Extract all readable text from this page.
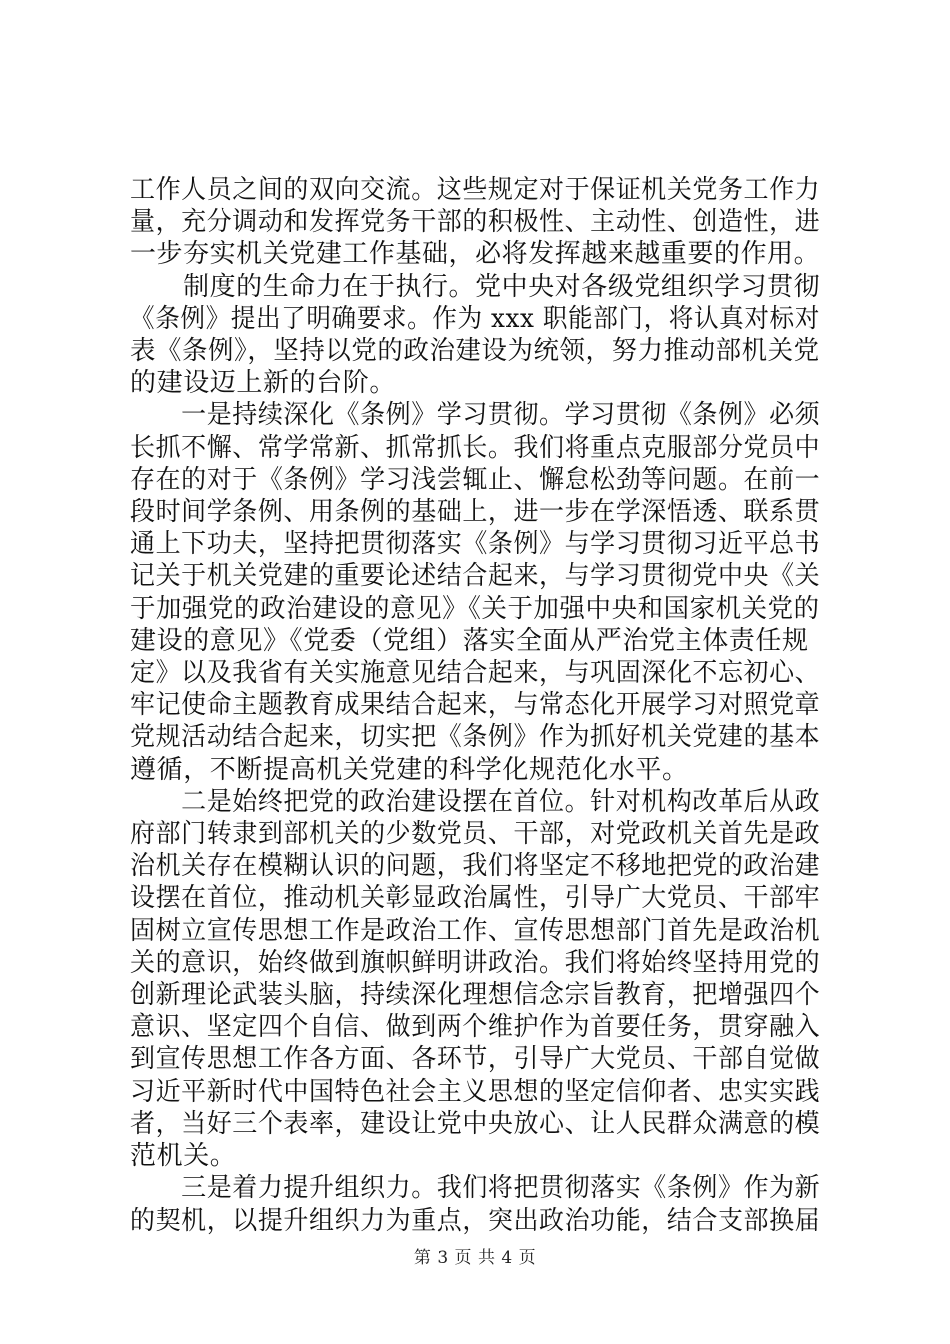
工作人员之间的双向交流。这些规定对于保证机关党务工作力
量，充分调动和发挥党务干部的积极性、主动性、创造性，进
一步夯实机关党建工作基础，必将发挥越来越重要的作用。
　　制度的生命力在于执行。党中央对各级党组织学习贯彻
《条例》提出了明确要求。作为 xxx 职能部门，将认真对标对
表《条例》，坚持以党的政治建设为统领，努力推动部机关党
的建设迈上新的台阶。
　　一是持续深化《条例》学习贯彻。学习贯彻《条例》必须
长抓不懈、常学常新、抓常抓长。我们将重点克服部分党员中
存在的对于《条例》学习浅尝辄止、懈怠松劲等问题。在前一
段时间学条例、用条例的基础上，进一步在学深悟透、联系贯
通上下功夫，坚持把贯彻落实《条例》与学习贯彻习近平总书
记关于机关党建的重要论述结合起来，与学习贯彻党中央《关
于加强党的政治建设的意见》《关于加强中央和国家机关党的
建设的意见》《党委（党组）落实全面从严治党主体责任规
定》以及我省有关实施意见结合起来，与巩固深化不忘初心、
牢记使命主题教育成果结合起来，与常态化开展学习对照党章
党规活动结合起来，切实把《条例》作为抓好机关党建的基本
遵循，不断提高机关党建的科学化规范化水平。
　　二是始终把党的政治建设摆在首位。针对机构改革后从政
府部门转隶到部机关的少数党员、干部，对党政机关首先是政
治机关存在模糊认识的问题，我们将坚定不移地把党的政治建
设摆在首位，推动机关彰显政治属性，引导广大党员、干部牢
固树立宣传思想工作是政治工作、宣传思想部门首先是政治机
关的意识，始终做到旗帜鲜明讲政治。我们将始终坚持用党的
创新理论武装头脑，持续深化理想信念宗旨教育，把增强四个
意识、坚定四个自信、做到两个维护作为首要任务，贯穿融入
到宣传思想工作各方面、各环节，引导广大党员、干部自觉做
习近平新时代中国特色社会主义思想的坚定信仰者、忠实实践
者，当好三个表率，建设让党中央放心、让人民群众满意的模
范机关。
　　三是着力提升组织力。我们将把贯彻落实《条例》作为新
的契机，以提升组织力为重点，突出政治功能，结合支部换届
第 3 页 共 4 页
